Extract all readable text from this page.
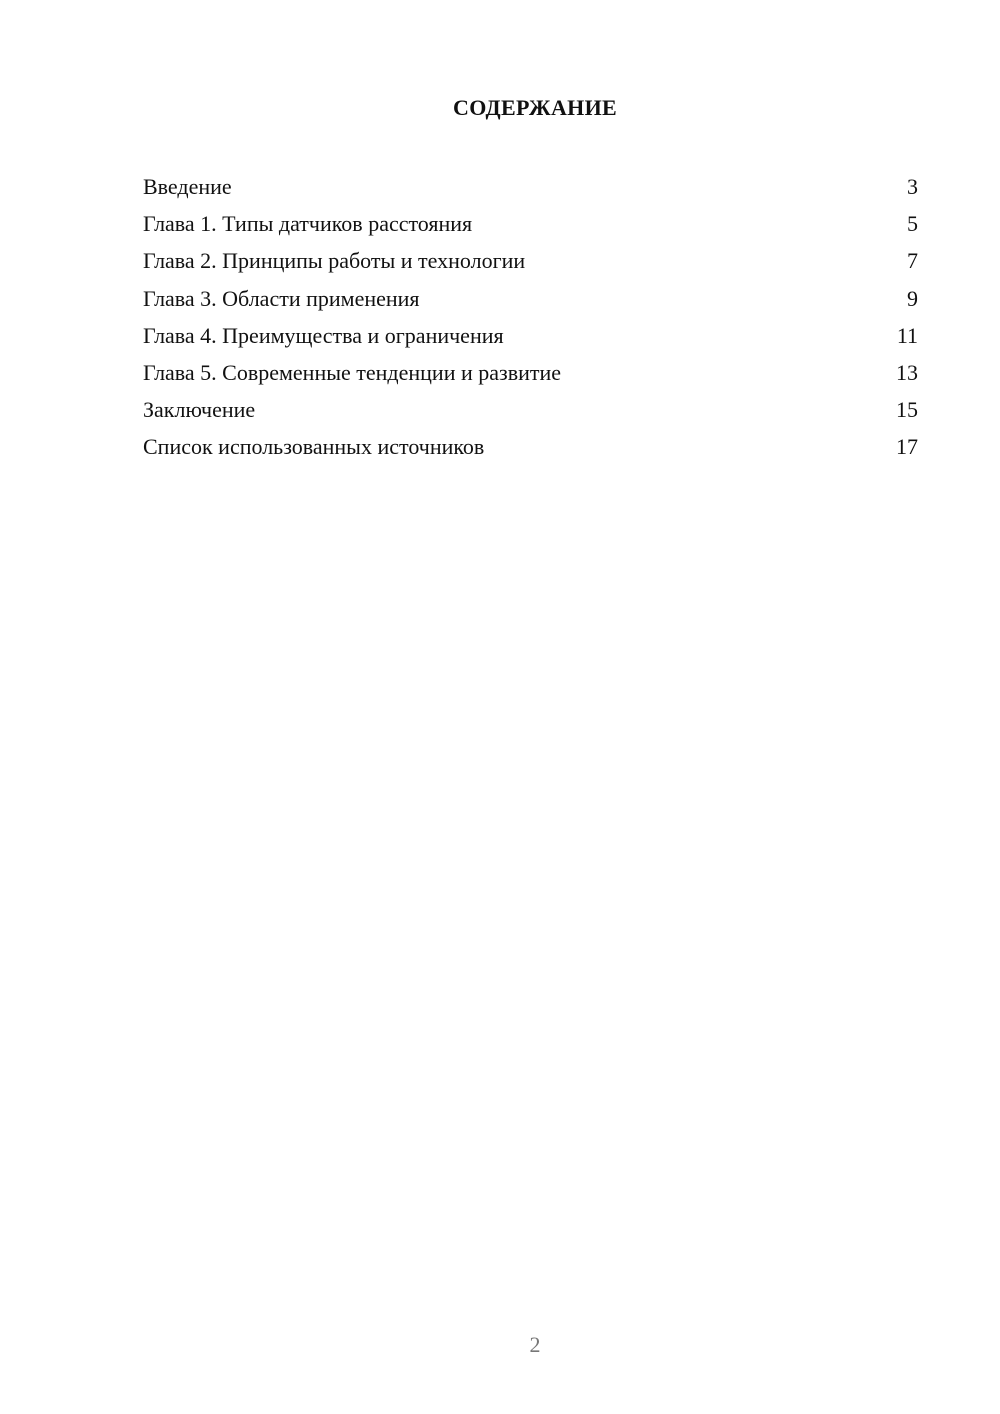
СОДЕРЖАНИЕ
Введение	3
Глава 1. Типы датчиков расстояния	5
Глава 2. Принципы работы и технологии	7
Глава 3. Области применения	9
Глава 4. Преимущества и ограничения	11
Глава 5. Современные тенденции и развитие	13
Заключение	15
Список использованных источников	17
2
